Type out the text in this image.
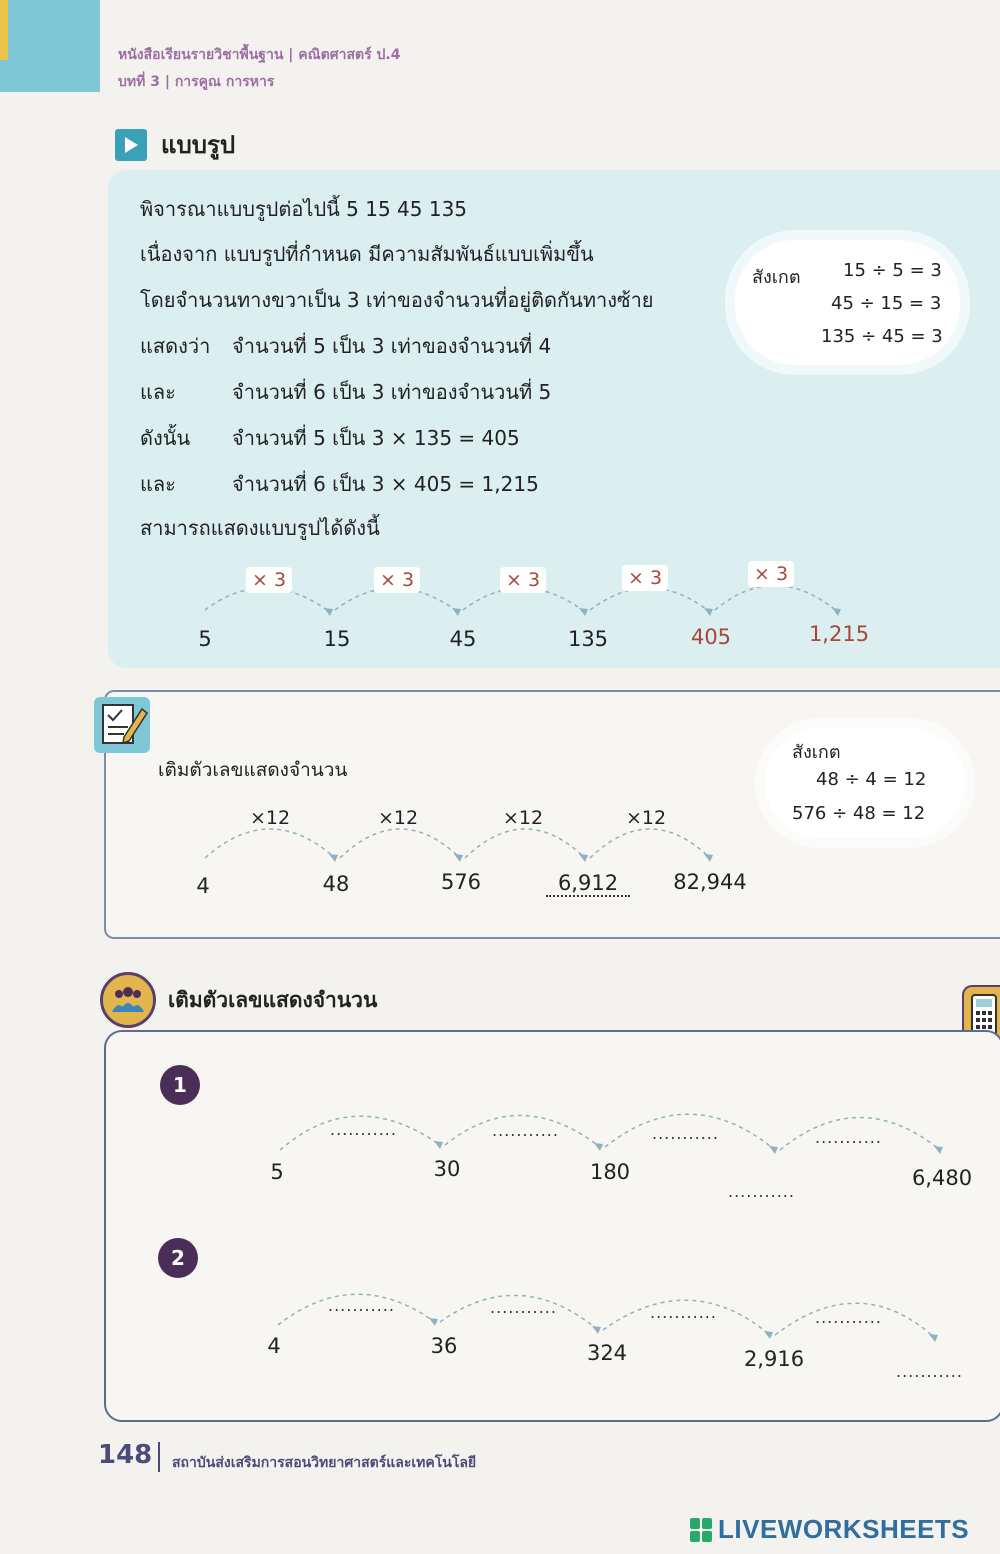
หนังสือเรียนรายวิชาพื้นฐาน | คณิตศาสตร์ ป.4
บทที่ 3 | การคูณ การหาร
แบบรูป
พิจารณาแบบรูปต่อไปนี้ 5 15 45 135
เนื่องจาก แบบรูปที่กำหนด มีความสัมพันธ์แบบเพิ่มขึ้น
โดยจำนวนทางขวาเป็น 3 เท่าของจำนวนที่อยู่ติดกันทางซ้าย
แสดงว่า จำนวนที่ 5 เป็น 3 เท่าของจำนวนที่ 4
และ	จำนวนที่ 6 เป็น 3 เท่าของจำนวนที่ 5
ดังนั้น จำนวนที่ 5 เป็น 3 × 135 = 405
และ	จำนวนที่ 6 เป็น 3 × 405 = 1,215
สามารถแสดงแบบรูปได้ดังนี้
สังเกต 15 ÷ 5 = 3
45 ÷ 15 = 3
135 ÷ 45 = 3
× 3	× 3	× 3	× 3	× 3
5	15	45	135	405	1,215
เติมตัวเลขแสดงจำนวน
สังเกต
48 ÷ 4 = 12
576 ÷ 48 = 12
×12	×12	×12	×12
4	48	576	6,912	82,944
เติมตัวเลขแสดงจำนวน
1
...........	...........	...........	...........
5	30	180
...........
6,480
2
...........	...........	...........	...........
4	36	324	2,916
...........
148 สถาบันส่งเสริมการสอนวิทยาศาสตร์และเทคโนโลยี
LIVEWORKSHEETS
